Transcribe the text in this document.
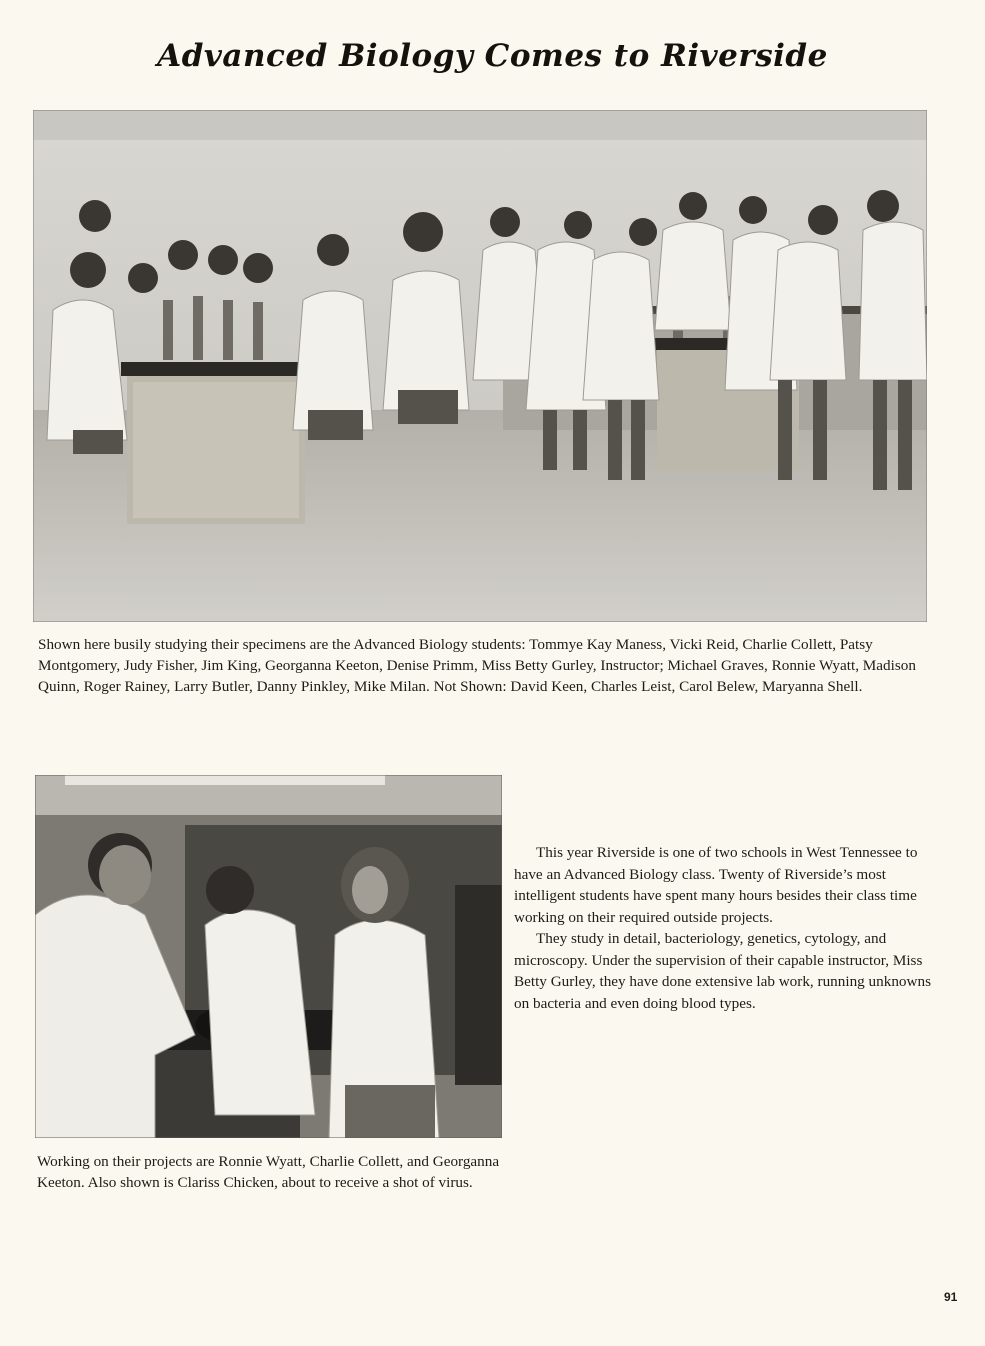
Advanced Biology Comes to Riverside

Shown here busily studying their specimens are the Advanced Biology students: Tommye Kay Maness, Vicki Reid, Charlie Collett, Patsy Montgomery, Judy Fisher, Jim King, Georganna Keeton, Denise Primm, Miss Betty Gurley, Instructor; Michael Graves, Ronnie Wyatt, Madison Quinn, Roger Rainey, Larry Butler, Danny Pinkley, Mike Milan. Not Shown: David Keen, Charles Leist, Carol Belew, Maryanna Shell.

Working on their projects are Ronnie Wyatt, Charlie Collett, and Georganna Keeton. Also shown is Clariss Chicken, about to receive a shot of virus.

This year Riverside is one of two schools in West Tennessee to have an Advanced Biology class. Twenty of Riverside’s most intelligent students have spent many hours besides their class time working on their required outside projects.

They study in detail, bacteriology, genetics, cytology, and microscopy. Under the supervision of their capable instructor, Miss Betty Gurley, they have done extensive lab work, running unknowns on bacteria and even doing blood types.

91
